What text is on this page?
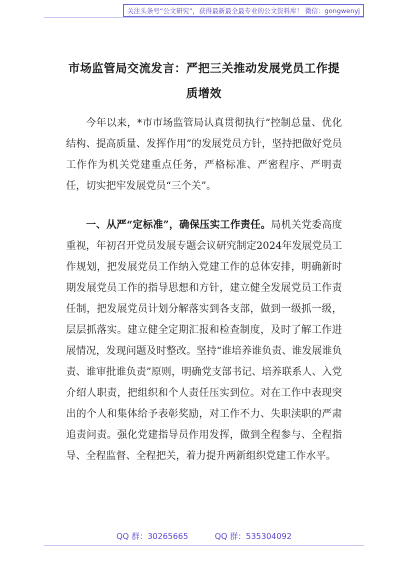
关注头条号“公文研究”，获得最新最全最专业的公文资料库！ 微信：gongwenyj
市场监管局交流发言：严把三关推动发展党员工作提质增效

今年以来，*市市场监管局认真贯彻执行“控制总量、优化结构、提高质量、发挥作用”的发展党员方针，坚持把做好党员工作作为机关党建重点任务，严格标准、严密程序、严明责任，切实把牢发展党员“三个关”。

一、从严“定标准”，确保压实工作责任。局机关党委高度重视，年初召开党员发展专题会议研究制定2024年发展党员工作规划，把发展党员工作纳入党建工作的总体安排，明确新时期发展党员工作的指导思想和方针，建立健全发展党员工作责任制，把发展党员计划分解落实到各支部，做到一级抓一级，层层抓落实。建立健全定期汇报和检查制度，及时了解工作进展情况，发现问题及时整改。坚持“谁培养谁负责、谁发展谁负责、谁审批谁负责”原则，明确党支部书记、培养联系人、入党介绍人职责，把组织和个人责任压实到位。对在工作中表现突出的个人和集体给予表彰奖励，对工作不力、失职渎职的严肃追责问责。强化党建指导员作用发挥，做到全程参与、全程指导、全程监督、全程把关，着力提升两新组织党建工作水平。

QQ 群：30265665	QQ 群：535304092
